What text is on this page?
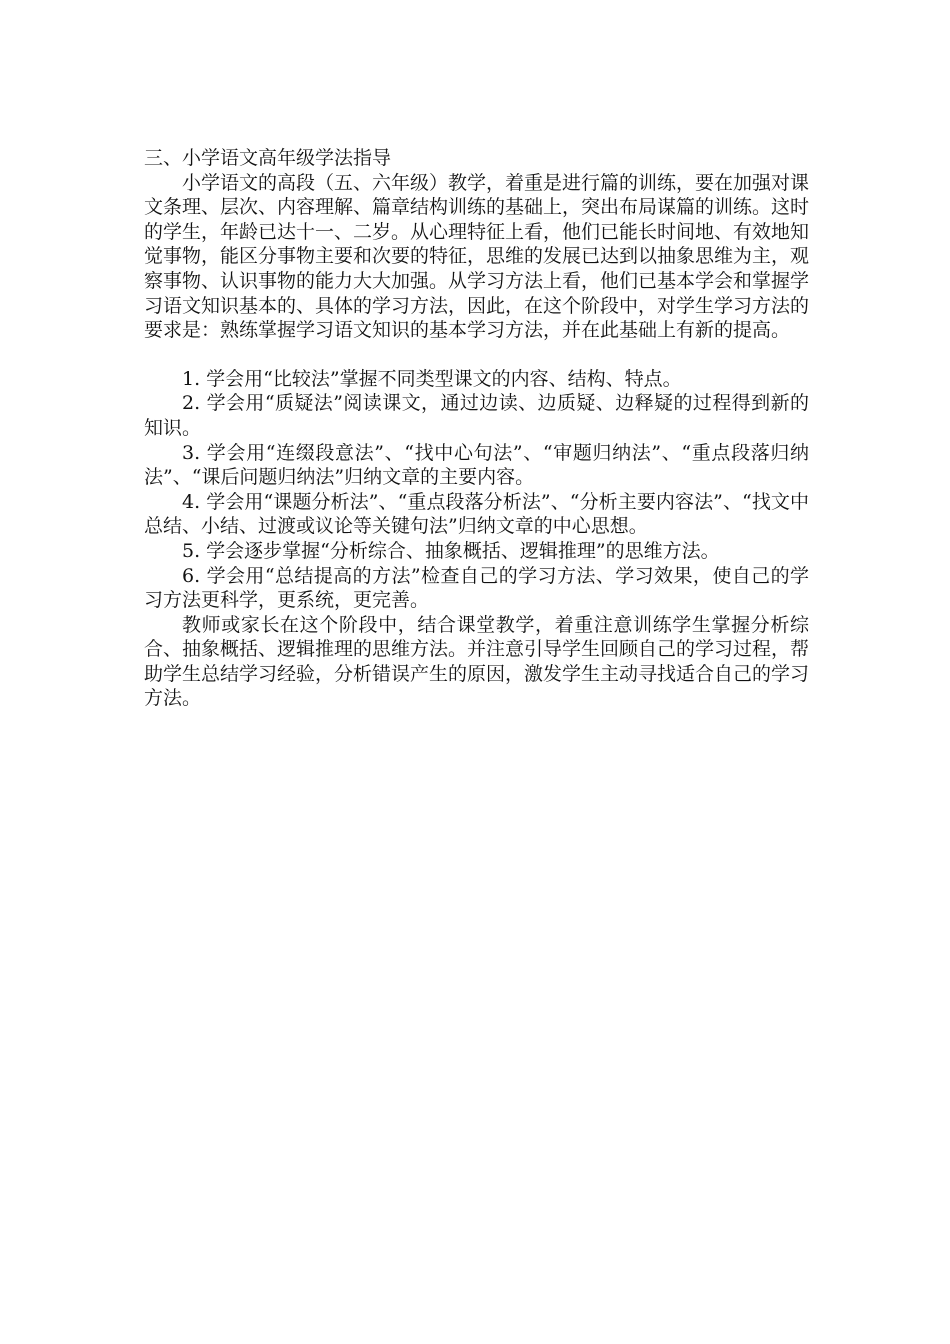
三、小学语文高年级学法指导

小学语文的高段（五、六年级）教学，着重是进行篇的训练，要在加强对课文条理、层次、内容理解、篇章结构训练的基础上，突出布局谋篇的训练。这时的学生，年龄已达十一、二岁。从心理特征上看，他们已能长时间地、有效地知觉事物，能区分事物主要和次要的特征，思维的发展已达到以抽象思维为主，观察事物、认识事物的能力大大加强。从学习方法上看，他们已基本学会和掌握学习语文知识基本的、具体的学习方法，因此，在这个阶段中，对学生学习方法的要求是：熟练掌握学习语文知识的基本学习方法，并在此基础上有新的提高。

1. 学会用“比较法”掌握不同类型课文的内容、结构、特点。

2. 学会用“质疑法”阅读课文，通过边读、边质疑、边释疑的过程得到新的知识。

3. 学会用“连缀段意法”、“找中心句法”、“审题归纳法”、“重点段落归纳法”、“课后问题归纳法”归纳文章的主要内容。

4. 学会用“课题分析法”、“重点段落分析法”、“分析主要内容法”、“找文中总结、小结、过渡或议论等关键句法”归纳文章的中心思想。

5. 学会逐步掌握“分析综合、抽象概括、逻辑推理”的思维方法。

6. 学会用“总结提高的方法”检查自己的学习方法、学习效果，使自己的学习方法更科学，更系统，更完善。

教师或家长在这个阶段中，结合课堂教学，着重注意训练学生掌握分析综合、抽象概括、逻辑推理的思维方法。并注意引导学生回顾自己的学习过程，帮助学生总结学习经验，分析错误产生的原因，激发学生主动寻找适合自己的学习方法。
